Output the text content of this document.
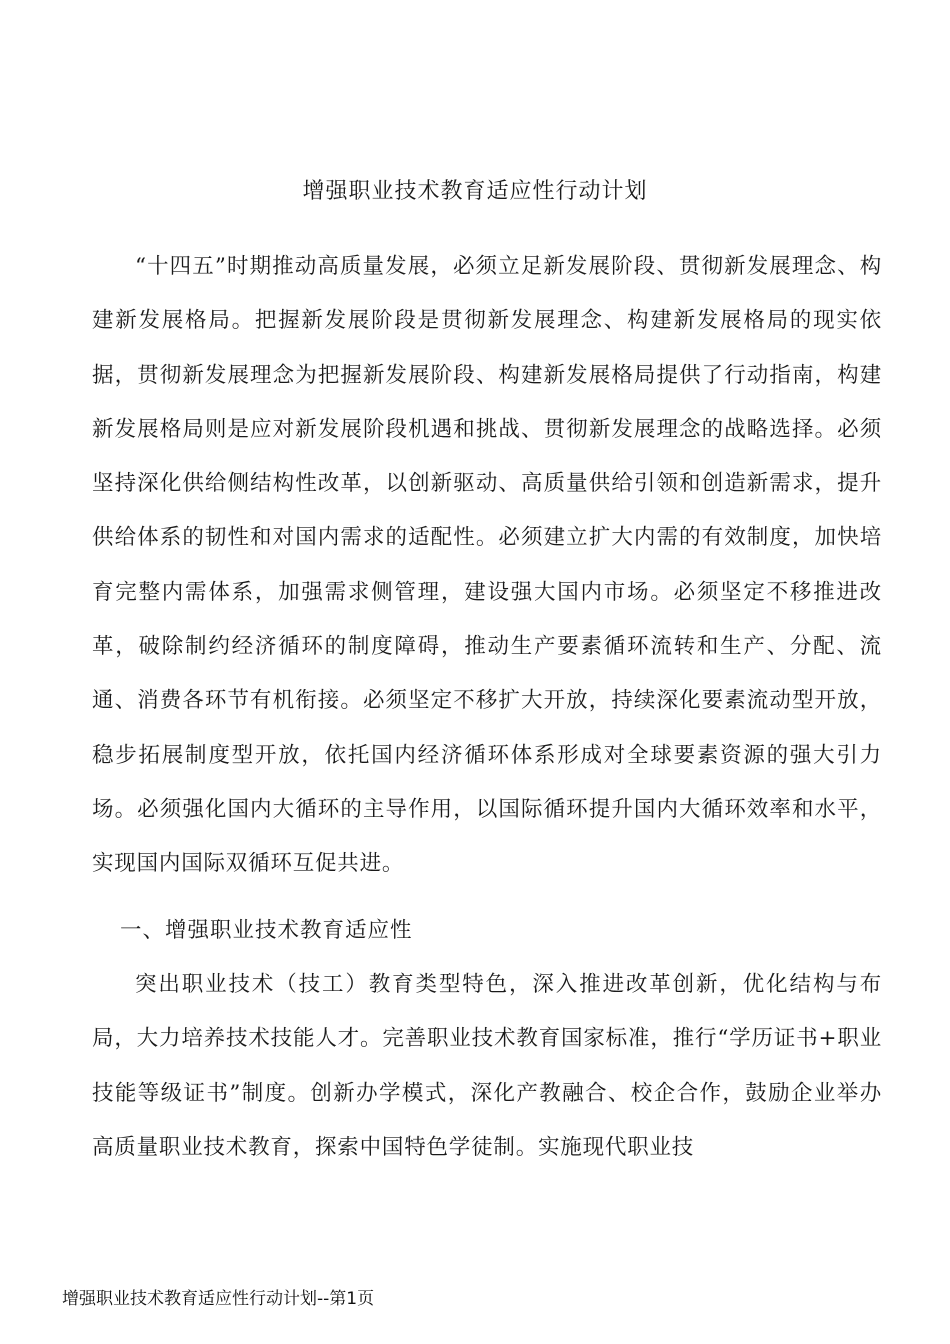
增强职业技术教育适应性行动计划

“十四五”时期推动高质量发展，必须立足新发展阶段、贯彻新发展理念、构建新发展格局。把握新发展阶段是贯彻新发展理念、构建新发展格局的现实依据，贯彻新发展理念为把握新发展阶段、构建新发展格局提供了行动指南，构建新发展格局则是应对新发展阶段机遇和挑战、贯彻新发展理念的战略选择。必须坚持深化供给侧结构性改革，以创新驱动、高质量供给引领和创造新需求，提升供给体系的韧性和对国内需求的适配性。必须建立扩大内需的有效制度，加快培育完整内需体系，加强需求侧管理，建设强大国内市场。必须坚定不移推进改革，破除制约经济循环的制度障碍，推动生产要素循环流转和生产、分配、流通、消费各环节有机衔接。必须坚定不移扩大开放，持续深化要素流动型开放，稳步拓展制度型开放，依托国内经济循环体系形成对全球要素资源的强大引力场。必须强化国内大循环的主导作用，以国际循环提升国内大循环效率和水平，实现国内国际双循环互促共进。

一、增强职业技术教育适应性

突出职业技术（技工）教育类型特色，深入推进改革创新，优化结构与布局，大力培养技术技能人才。完善职业技术教育国家标准，推行“学历证书+职业技能等级证书”制度。创新办学模式，深化产教融合、校企合作，鼓励企业举办高质量职业技术教育，探索中国特色学徒制。实施现代职业技

增强职业技术教育适应性行动计划--第1页
